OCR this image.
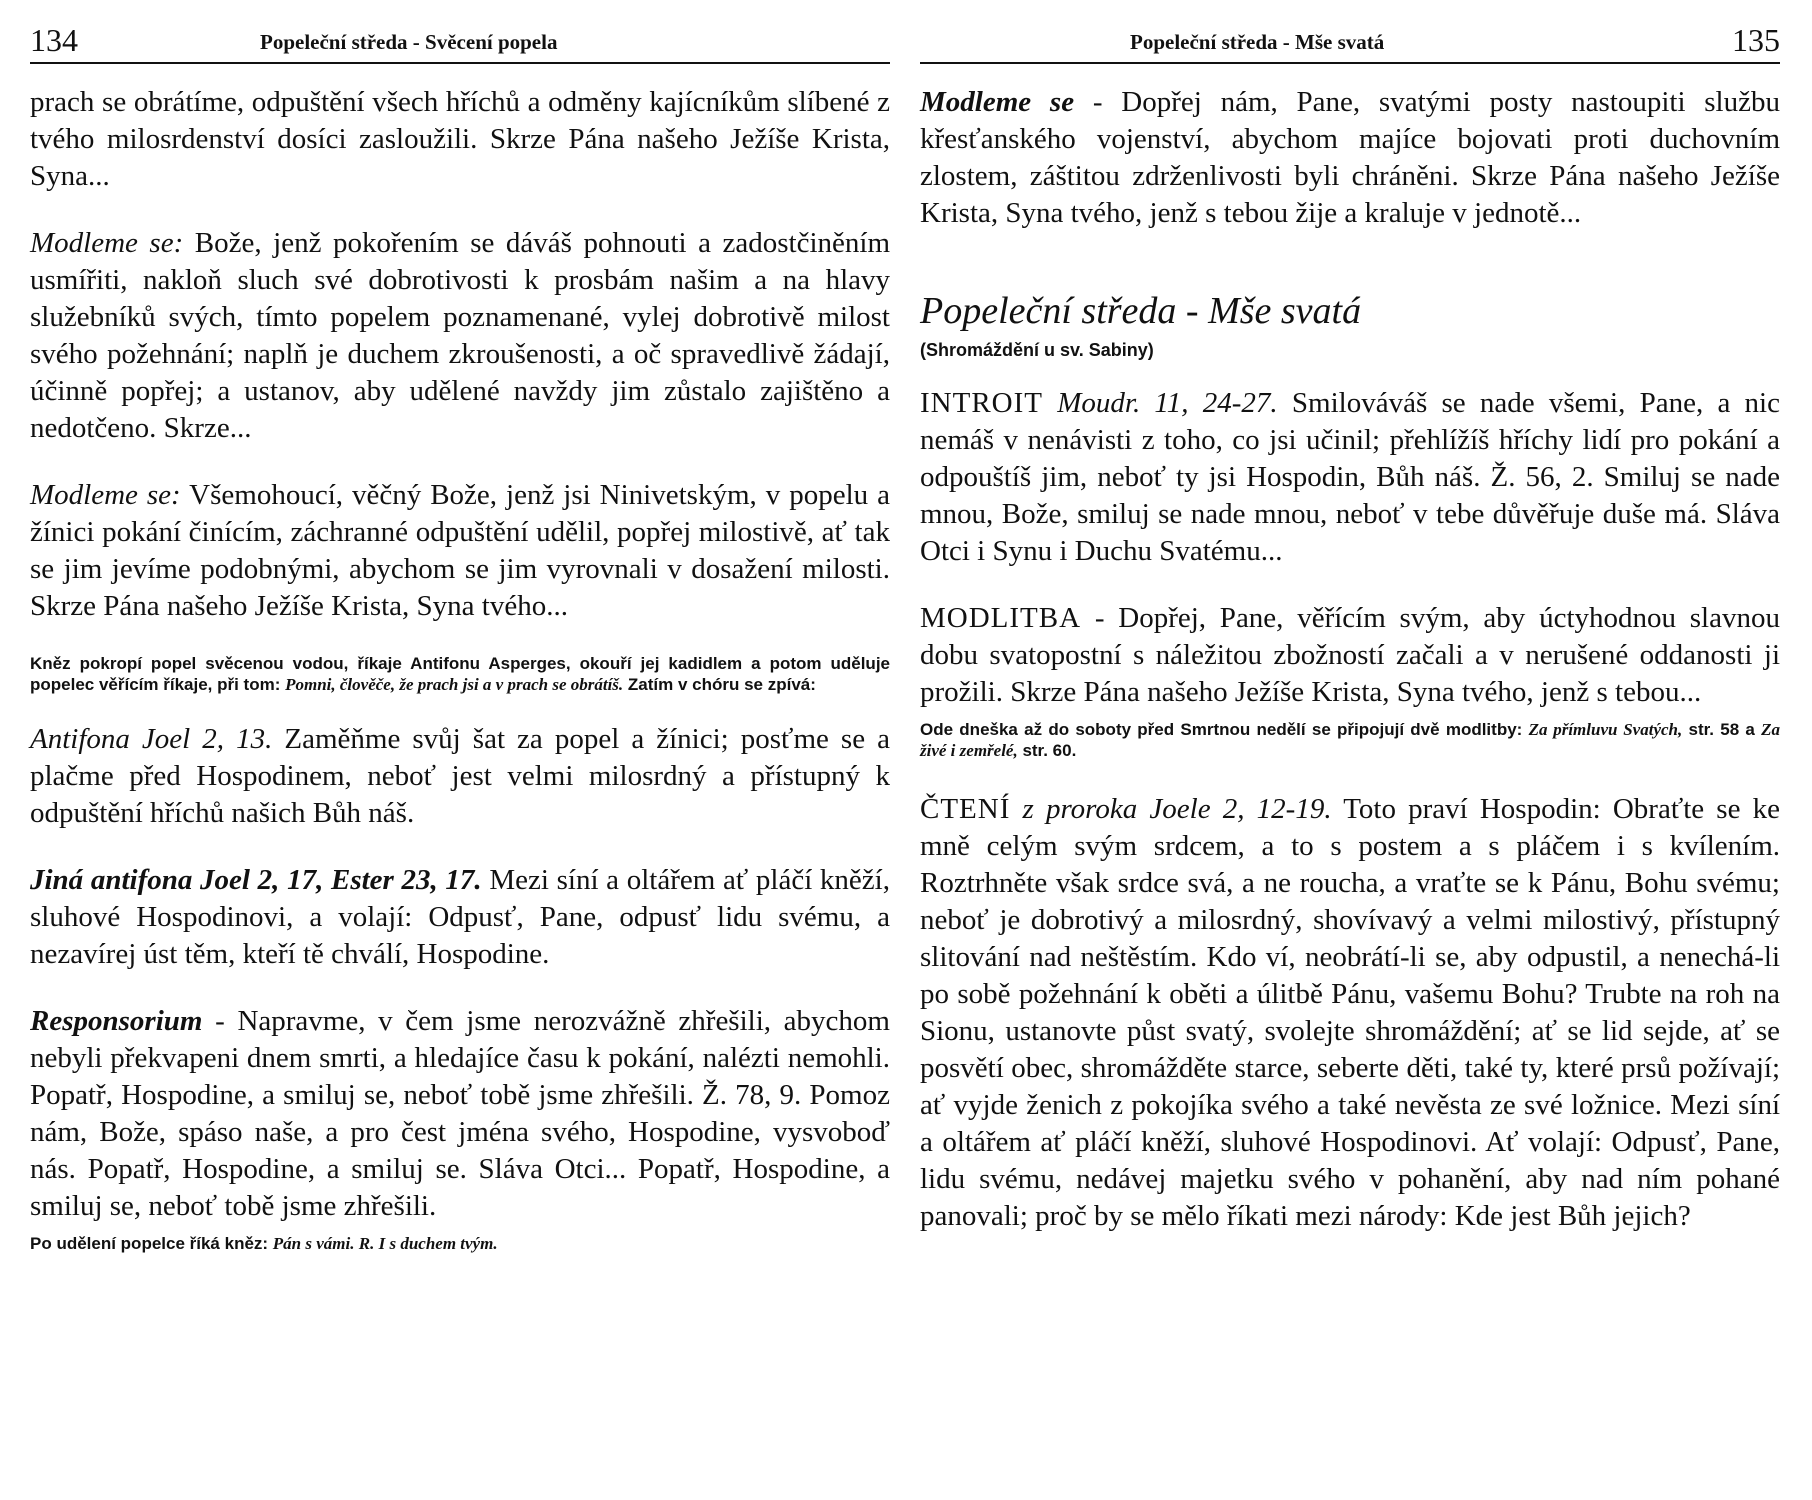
134	Popeleční středa - Svěcení popela

prach se obrátíme, odpuštění všech hříchů a odměny kajícníkům slíbené z tvého milosrdenství dosíci zasloužili. Skrze Pána našeho Ježíše Krista, Syna...

Modleme se: Bože, jenž pokořením se dáváš pohnouti a zadostčiněním usmířiti, nakloň sluch své dobrotivosti k prosbám našim a na hlavy služebníků svých, tímto popelem poznamenané, vylej dobrotivě milost svého požehnání; naplň je duchem zkroušenosti, a oč spravedlivě žádají, účinně popřej; a ustanov, aby udělené navždy jim zůstalo zajištěno a nedotčeno. Skrze...

Modleme se: Všemohoucí, věčný Bože, jenž jsi Ninivetským, v popelu a žínici pokání činícím, záchranné odpuštění udělil, popřej milostivě, ať tak se jim jevíme podobnými, abychom se jim vyrovnali v dosažení milosti. Skrze Pána našeho Ježíše Krista, Syna tvého...

Kněz pokropí popel svěcenou vodou, říkaje Antifonu Asperges, okouří jej kadidlem a potom uděluje popelec věřícím říkaje, při tom: Pomni, člověče, že prach jsi a v prach se obrátíš. Zatím v chóru se zpívá:

Antifona Joel 2, 13. Zaměňme svůj šat za popel a žínici; posťme se a plačme před Hospodinem, neboť jest velmi milosrdný a přístupný k odpuštění hříchů našich Bůh náš.

Jiná antifona Joel 2, 17, Ester 23, 17. Mezi síní a oltářem ať pláčí kněží, sluhové Hospodinovi, a volají: Odpusť, Pane, odpusť lidu svému, a nezavírej úst těm, kteří tě chválí, Hospodine.

Responsorium - Napravme, v čem jsme nerozvážně zhřešili, abychom nebyli překvapeni dnem smrti, a hledajíce času k pokání, nalézti nemohli. Popatř, Hospodine, a smiluj se, neboť tobě jsme zhřešili. Ž. 78, 9. Pomoz nám, Bože, spáso naše, a pro čest jména svého, Hospodine, vysvoboď nás. Popatř, Hospodine, a smiluj se. Sláva Otci... Popatř, Hospodine, a smiluj se, neboť tobě jsme zhřešili.

Po udělení popelce říká kněz: Pán s vámi. R. I s duchem tvým.

Popeleční středa - Mše svatá	135

Modleme se - Dopřej nám, Pane, svatými posty nastoupiti službu křesťanského vojenství, abychom majíce bojovati proti duchovním zlostem, záštitou zdrženlivosti byli chráněni. Skrze Pána našeho Ježíše Krista, Syna tvého, jenž s tebou žije a kraluje v jednotě...

Popeleční středa - Mše svatá
(Shromáždění u sv. Sabiny)

INTROIT Moudr. 11, 24-27. Smilováváš se nade všemi, Pane, a nic nemáš v nenávisti z toho, co jsi učinil; přehlížíš hříchy lidí pro pokání a odpouštíš jim, neboť ty jsi Hospodin, Bůh náš. Ž. 56, 2. Smiluj se nade mnou, Bože, smiluj se nade mnou, neboť v tebe důvěřuje duše má. Sláva Otci i Synu i Duchu Svatému...

MODLITBA - Dopřej, Pane, věřícím svým, aby úctyhodnou slavnou dobu svatopostní s náležitou zbožností začali a v nerušené oddanosti ji prožili. Skrze Pána našeho Ježíše Krista, Syna tvého, jenž s tebou...

Ode dneška až do soboty před Smrtnou nedělí se připojují dvě modlitby: Za přímluvu Svatých, str. 58 a Za živé i zemřelé, str. 60.

ČTENÍ z proroka Joele 2, 12-19. Toto praví Hospodin: Obraťte se ke mně celým svým srdcem, a to s postem a s pláčem i s kvílením. Roztrhněte však srdce svá, a ne roucha, a vraťte se k Pánu, Bohu svému; neboť je dobrotivý a milosrdný, shovívavý a velmi milostivý, přístupný slitování nad neštěstím. Kdo ví, neobrátí-li se, aby odpustil, a nenechá-li po sobě požehnání k oběti a úlitbě Pánu, vašemu Bohu? Trubte na roh na Sionu, ustanovte půst svatý, svolejte shromáždění; ať se lid sejde, ať se posvětí obec, shromážděte starce, seberte děti, také ty, které prsů požívají; ať vyjde ženich z pokojíka svého a také nevěsta ze své ložnice. Mezi síní a oltářem ať pláčí kněží, sluhové Hospodinovi. Ať volají: Odpusť, Pane, lidu svému, nedávej majetku svého v pohanění, aby nad ním pohané panovali; proč by se mělo říkati mezi národy: Kde jest Bůh jejich?
